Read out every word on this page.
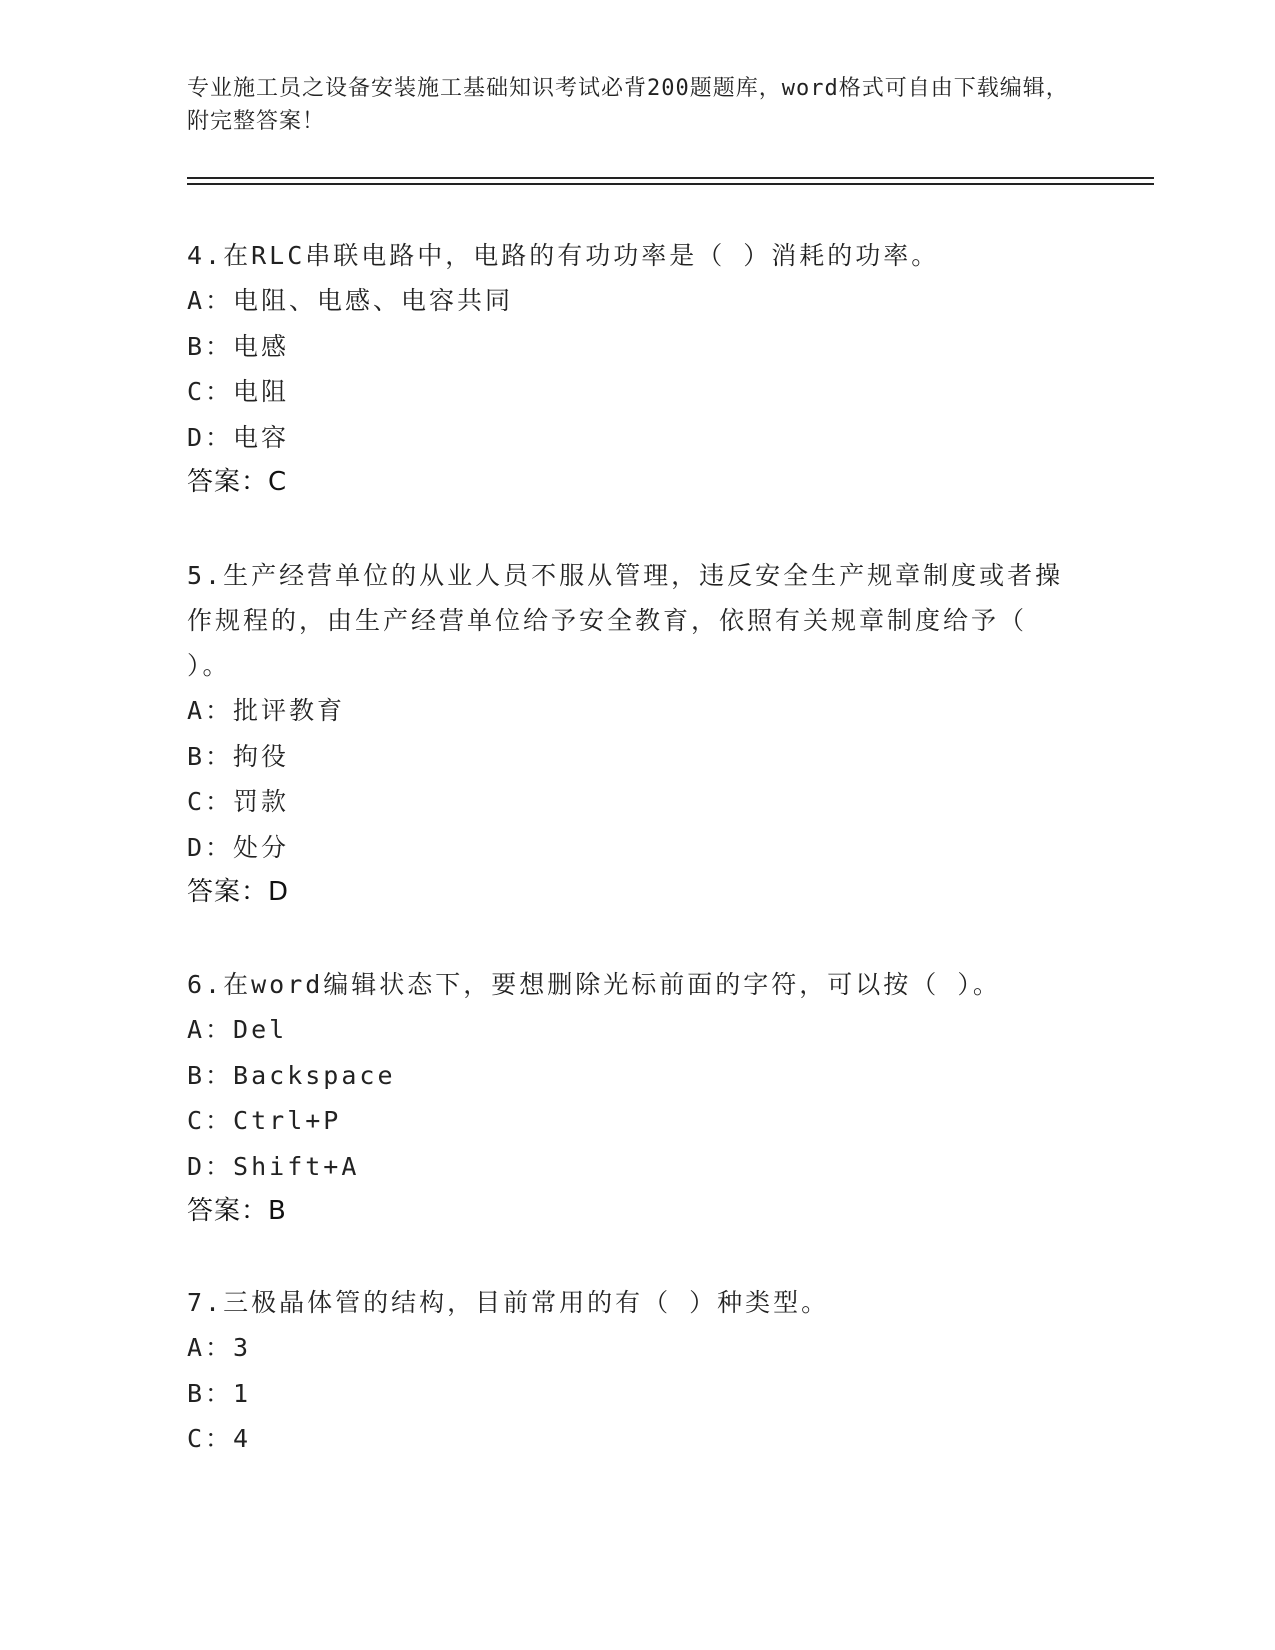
专业施工员之设备安装施工基础知识考试必背200题题库，word格式可自由下载编辑，附完整答案！
4.在RLC串联电路中，电路的有功功率是（ ）消耗的功率。
A：电阻、电感、电容共同
B：电感
C：电阻
D：电容
答案：C
5.生产经营单位的从业人员不服从管理，违反安全生产规章制度或者操作规程的，由生产经营单位给予安全教育，依照有关规章制度给予（ ）。
A：批评教育
B：拘役
C：罚款
D：处分
答案：D
6.在word编辑状态下，要想删除光标前面的字符，可以按（ ）。
A：Del
B：Backspace
C：Ctrl+P
D：Shift+A
答案：B
7.三极晶体管的结构，目前常用的有（ ）种类型。
A：3
B：1
C：4
